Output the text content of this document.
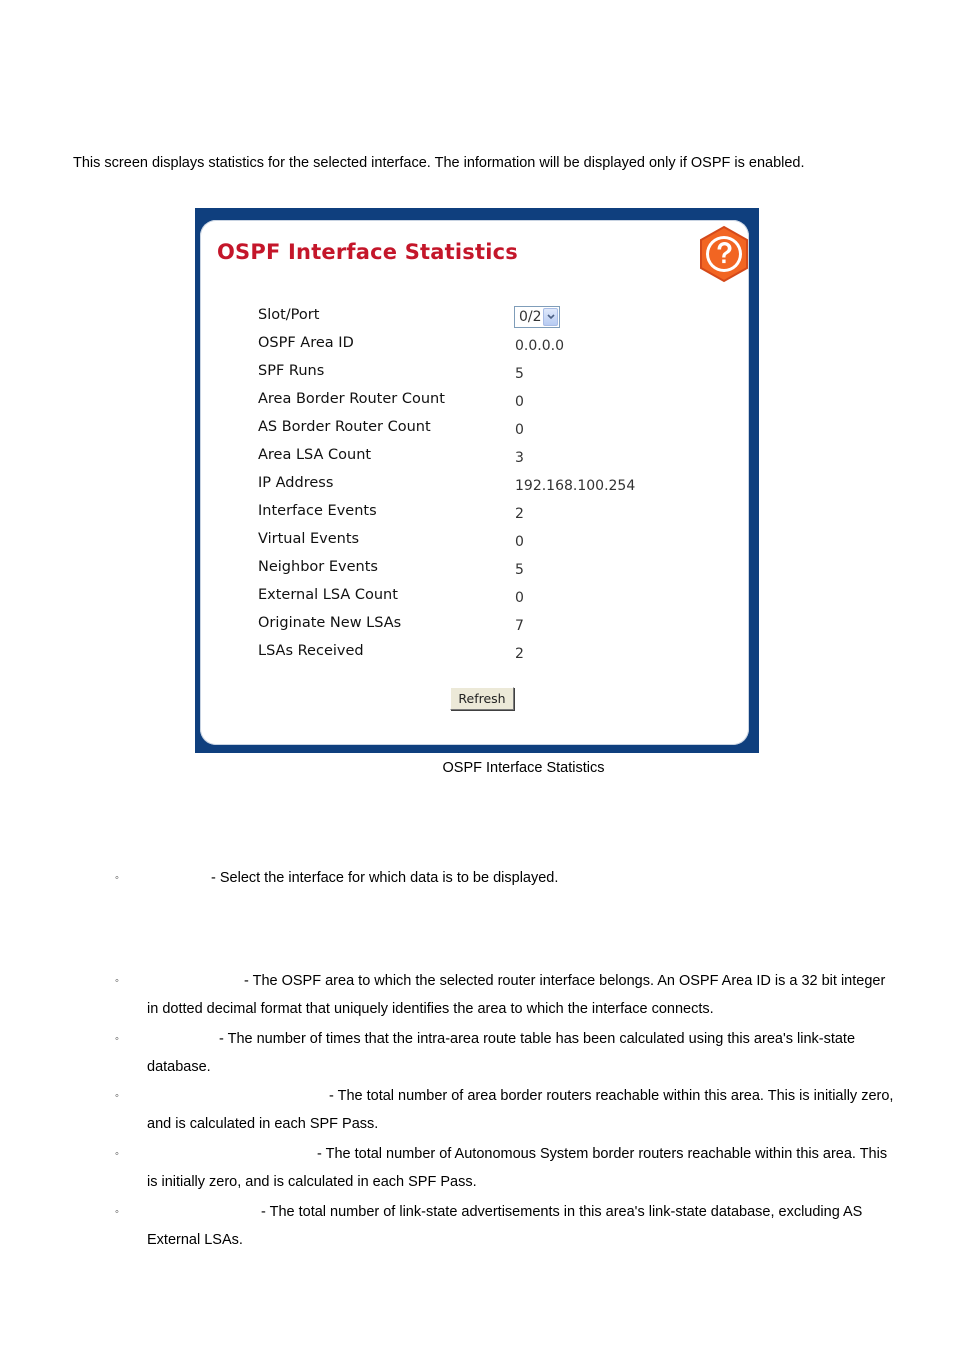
This screen displays statistics for the selected interface. The information will be displayed only if OSPF is enabled.

OSPF Interface Statistics
Slot/Port	0/2
OSPF Area ID	0.0.0.0
SPF Runs	5
Area Border Router Count	0
AS Border Router Count	0
Area LSA Count	3
IP Address	192.168.100.254
Interface Events	2
Virtual Events	0
Neighbor Events	5
External LSA Count	0
Originate New LSAs	7
LSAs Received	2
Refresh

OSPF Interface Statistics

◦	- Select the interface for which data is to be displayed.
◦	- The OSPF area to which the selected router interface belongs. An OSPF Area ID is a 32 bit integer
in dotted decimal format that uniquely identifies the area to which the interface connects.
◦	- The number of times that the intra-area route table has been calculated using this area's link-state
database.
◦	- The total number of area border routers reachable within this area. This is initially zero,
and is calculated in each SPF Pass.
◦	- The total number of Autonomous System border routers reachable within this area. This
is initially zero, and is calculated in each SPF Pass.
◦	- The total number of link-state advertisements in this area's link-state database, excluding AS
External LSAs.
